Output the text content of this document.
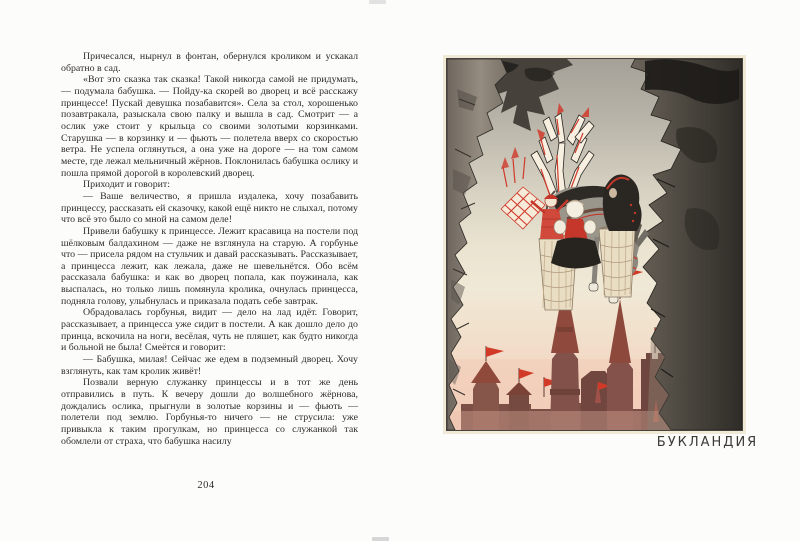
Причесался, нырнул в фонтан, обернулся кроликом и ускакал обратно в сад.

«Вот это сказка так сказка! Такой никогда самой не придумать, — подумала бабушка. — Пойду-ка скорей во дворец и всё расскажу принцессе! Пускай девушка позабавится». Села за стол, хорошенько позавтракала, разыскала свою палку и вышла в сад. Смотрит — а ослик уже стоит у крыльца со своими золотыми корзинками. Старушка — в корзинку и — фьють — полетела вверх со скоростью ветра. Не успела оглянуться, а она уже на дороге — на том самом месте, где лежал мельничный жёрнов. Поклонилась бабушка ослику и пошла прямой дорогой в королевский дворец.

Приходит и говорит:

— Ваше величество, я пришла издалека, хочу позабавить принцессу, рассказать ей сказочку, какой ещё никто не слыхал, потому что всё это было со мной на самом деле!

Привели бабушку к принцессе. Лежит красавица на постели под шёлковым балдахином — даже не взглянула на старую. А горбунье что — присела рядом на стульчик и давай рассказывать. Рассказывает, а принцесса лежит, как лежала, даже не шевельнётся. Обо всём рассказала бабушка: и как во дворец попала, как поужинала, как выспалась, но только лишь помянула кролика, очнулась принцесса, подняла голову, улыбнулась и приказала подать себе завтрак.

Обрадовалась горбунья, видит — дело на лад идёт. Говорит, рассказывает, а принцесса уже сидит в постели. А как дошло дело до принца, вскочила на ноги, весёлая, чуть не пляшет, как будто никогда и больной не была! Смеётся и говорит:

— Бабушка, милая! Сейчас же едем в подземный дворец. Хочу взглянуть, как там кролик живёт!

Позвали верную служанку принцессы и в тот же день отправились в путь. К вечеру дошли до волшебного жёрнова, дождались ослика, прыгнули в золотые корзины и — фьють — полетели под землю. Горбунья-то ничего — не струсила: уже привыкла к таким прогулкам, но принцесса со служанкой так обомлели от страха, что бабушка насилу

204
БУКЛАНДИЯ
